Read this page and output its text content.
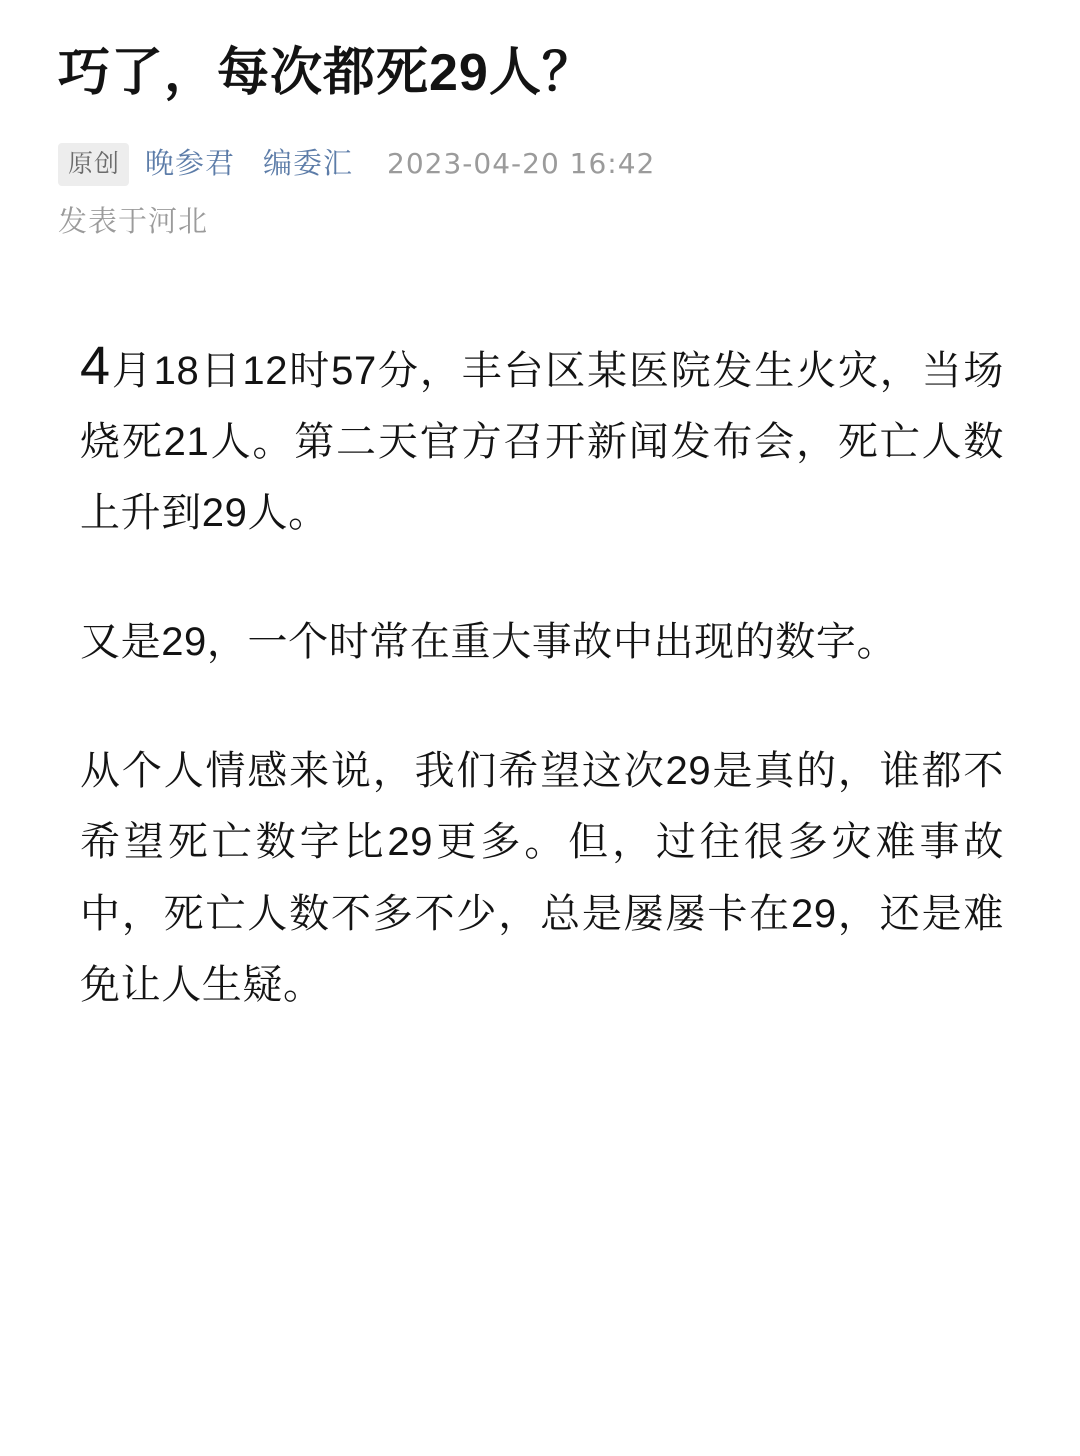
巧了，每次都死29人？
原创 晚参君 编委汇 2023-04-20 16:42
发表于河北

4月18日12时57分，丰台区某医院发生火灾，当场烧死21人。第二天官方召开新闻发布会，死亡人数上升到29人。

又是29，一个时常在重大事故中出现的数字。

从个人情感来说，我们希望这次29是真的，谁都不希望死亡数字比29更多。但，过往很多灾难事故中，死亡人数不多不少，总是屡屡卡在29，还是难免让人生疑。
